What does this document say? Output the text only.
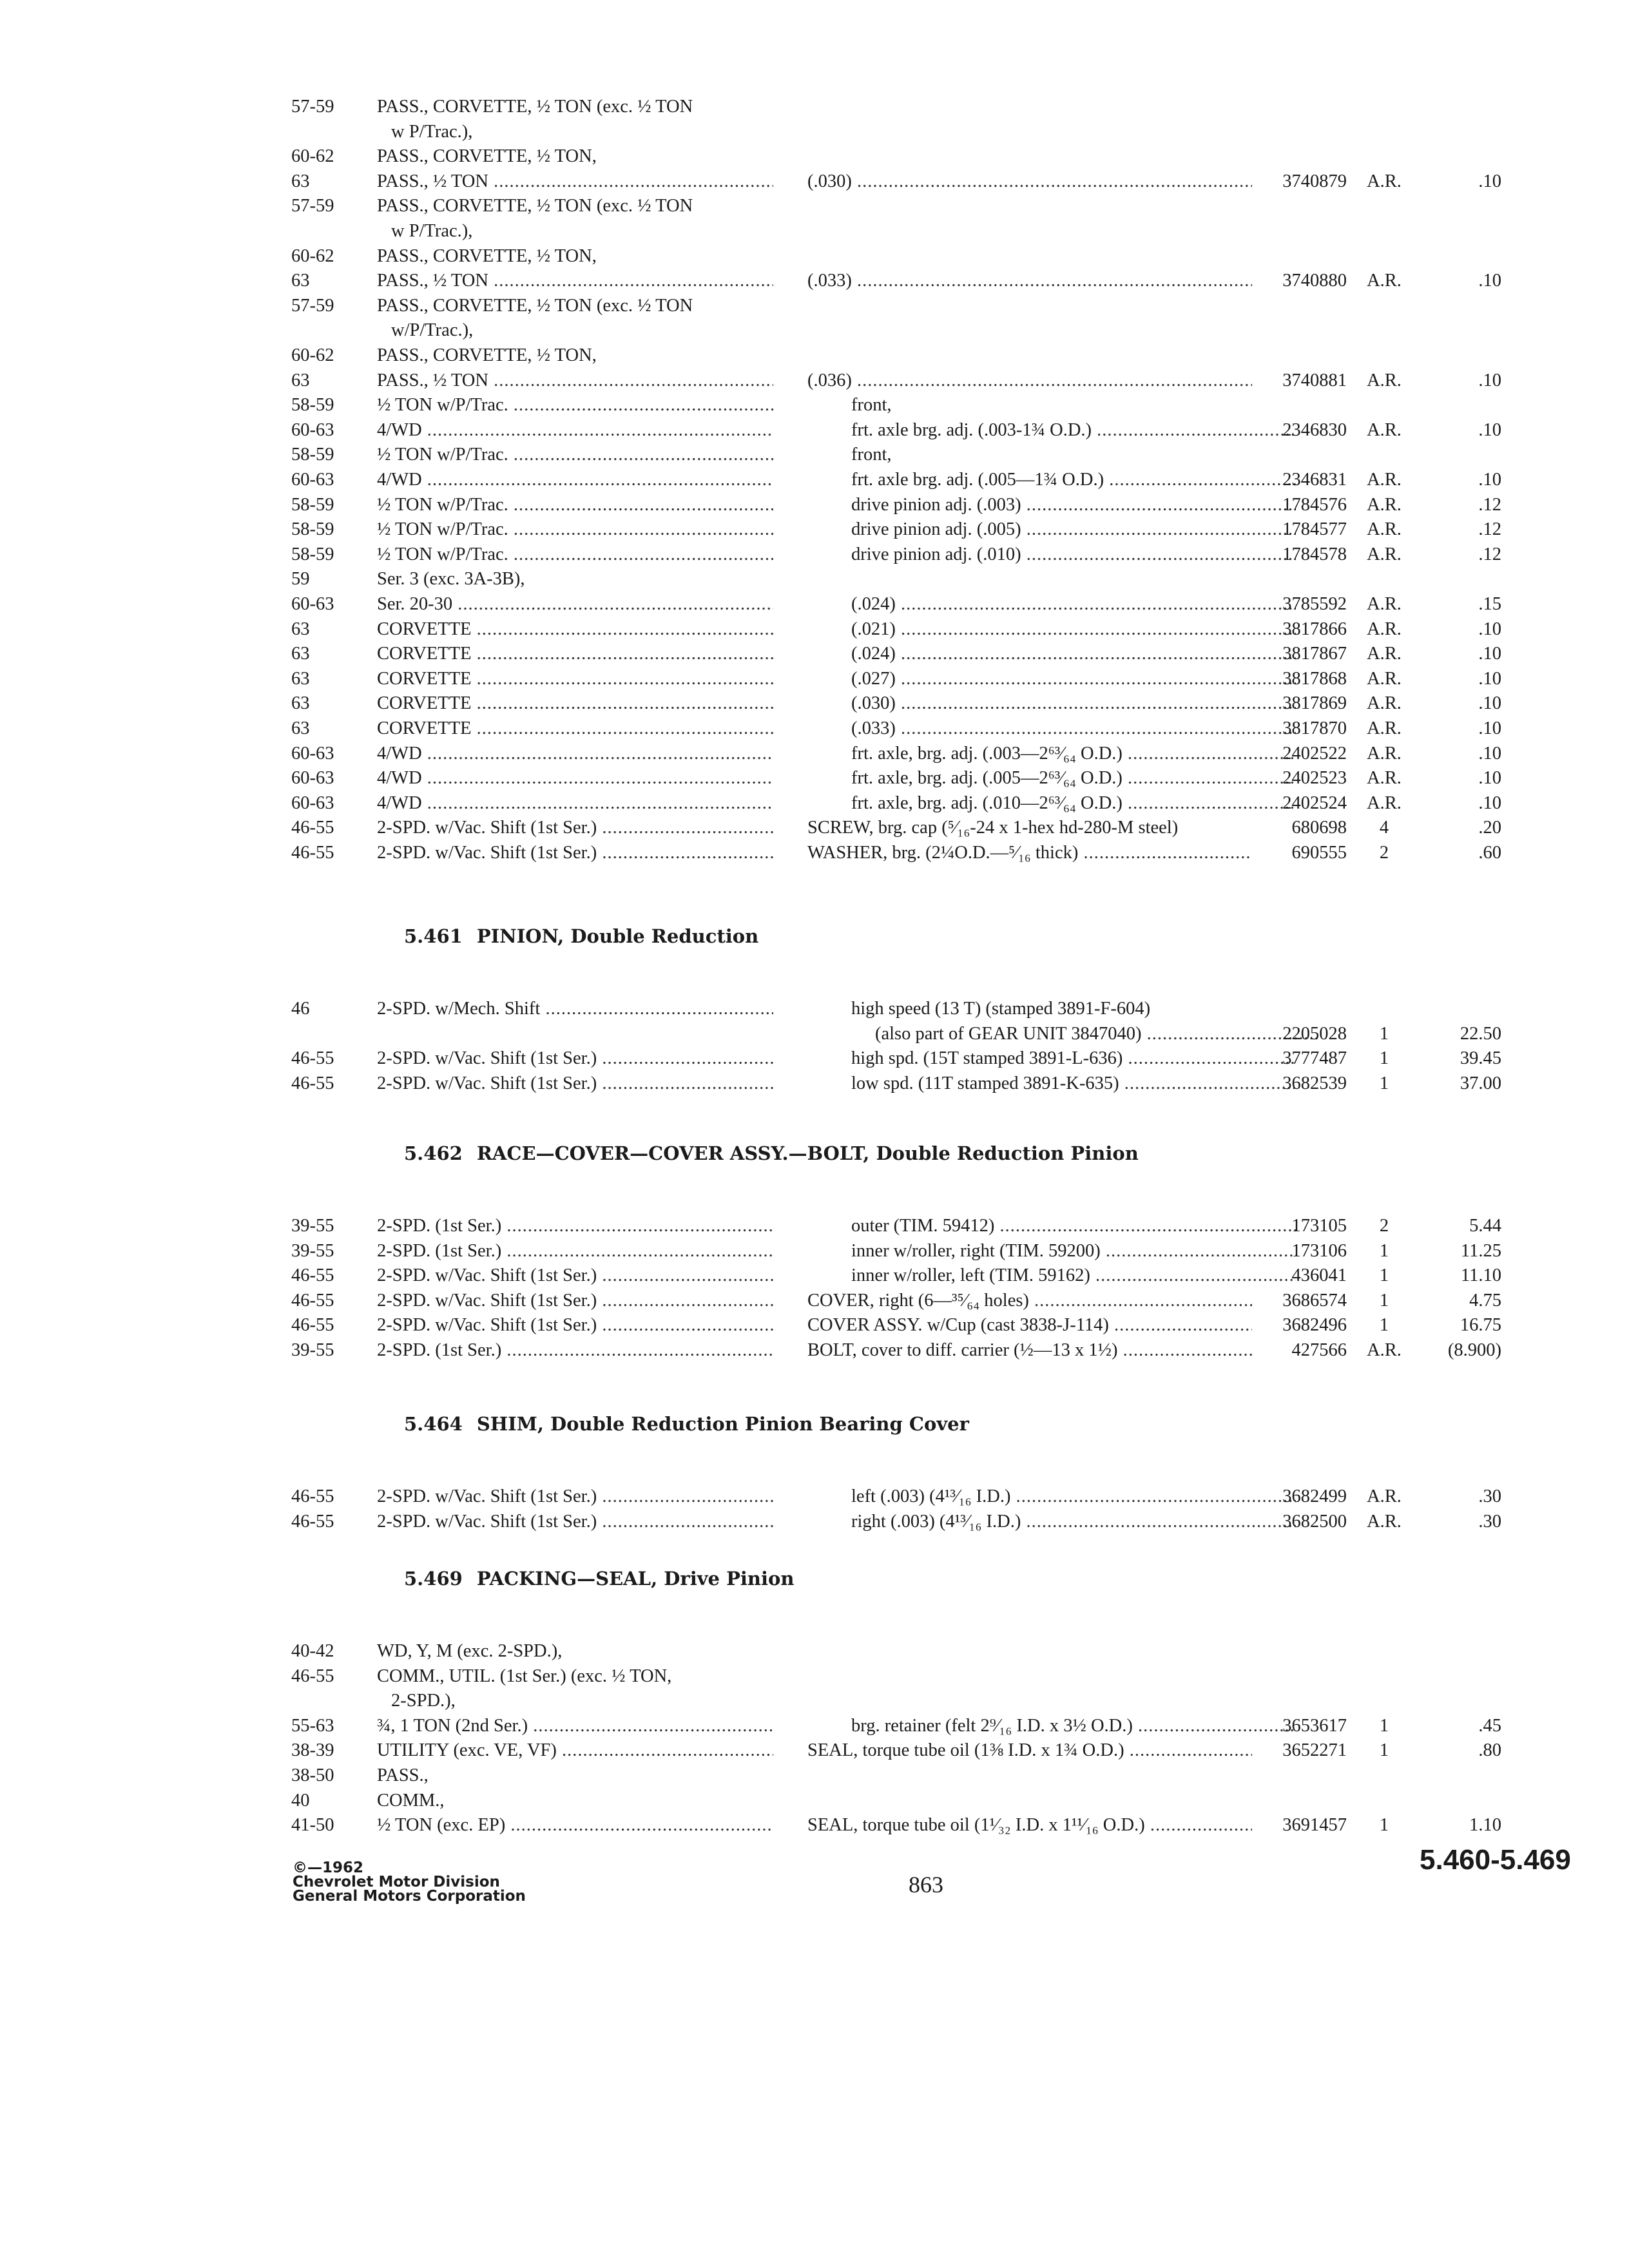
57-59	PASS., CORVETTE, ½ TON (exc. ½ TON
w P/Trac.),
60-62	PASS., CORVETTE, ½ TON,
63	PASS., ½ TON .....	(.030) .....	3740879	A.R.	.10
57-59	PASS., CORVETTE, ½ TON (exc. ½ TON
w P/Trac.),
60-62	PASS., CORVETTE, ½ TON,
63	PASS., ½ TON .....	(.033) .....	3740880	A.R.	.10
57-59	PASS., CORVETTE, ½ TON (exc. ½ TON
w/P/Trac.),
60-62	PASS., CORVETTE, ½ TON,
63	PASS., ½ TON .....	(.036) .....	3740881	A.R.	.10
58-59	½ TON w/P/Trac. .....	front,
60-63	4/WD .....	frt. axle brg. adj. (.003-1¾ O.D.) .....	2346830	A.R.	.10
58-59	½ TON w/P/Trac. .....	front,
60-63	4/WD .....	frt. axle brg. adj. (.005—1¾ O.D.) .....	2346831	A.R.	.10
58-59	½ TON w/P/Trac. .....	drive pinion adj. (.003) .....	1784576	A.R.	.12
58-59	½ TON w/P/Trac. .....	drive pinion adj. (.005) .....	1784577	A.R.	.12
58-59	½ TON w/P/Trac. .....	drive pinion adj. (.010) .....	1784578	A.R.	.12
59	Ser. 3 (exc. 3A-3B),
60-63	Ser. 20-30 .....	(.024) .....	3785592	A.R.	.15
63	CORVETTE .....	(.021) .....	3817866	A.R.	.10
63	CORVETTE .....	(.024) .....	3817867	A.R.	.10
63	CORVETTE .....	(.027) .....	3817868	A.R.	.10
63	CORVETTE .....	(.030) .....	3817869	A.R.	.10
63	CORVETTE .....	(.033) .....	3817870	A.R.	.10
60-63	4/WD .....	frt. axle, brg. adj. (.003—2⁶³⁄₆₄ O.D.) .....	2402522	A.R.	.10
60-63	4/WD .....	frt. axle, brg. adj. (.005—2⁶³⁄₆₄ O.D.) .....	2402523	A.R.	.10
60-63	4/WD .....	frt. axle, brg. adj. (.010—2⁶³⁄₆₄ O.D.) .....	2402524	A.R.	.10
46-55	2-SPD. w/Vac. Shift (1st Ser.) .....	SCREW, brg. cap (⁵⁄₁₆-24 x 1-hex hd-280-M steel)	680698	4	.20
46-55	2-SPD. w/Vac. Shift (1st Ser.) .....	WASHER, brg. (2¼O.D.—⁵⁄₁₆ thick) .....	690555	2	.60
5.461 PINION, Double Reduction
46	2-SPD. w/Mech. Shift .....	high speed (13 T) (stamped 3891-F-604)
(also part of GEAR UNIT 3847040) .....	2205028	1	22.50
46-55	2-SPD. w/Vac. Shift (1st Ser.) .....	high spd. (15T stamped 3891-L-636) .....	3777487	1	39.45
46-55	2-SPD. w/Vac. Shift (1st Ser.) .....	low spd. (11T stamped 3891-K-635) .....	3682539	1	37.00
5.462 RACE—COVER—COVER ASSY.—BOLT, Double Reduction Pinion
39-55	2-SPD. (1st Ser.) .....	outer (TIM. 59412) .....	173105	2	5.44
39-55	2-SPD. (1st Ser.) .....	inner w/roller, right (TIM. 59200) .....	173106	1	11.25
46-55	2-SPD. w/Vac. Shift (1st Ser.) .....	inner w/roller, left (TIM. 59162) .....	436041	1	11.10
46-55	2-SPD. w/Vac. Shift (1st Ser.) .....	COVER, right (6—³⁵⁄₆₄ holes) .....	3686574	1	4.75
46-55	2-SPD. w/Vac. Shift (1st Ser.) .....	COVER ASSY. w/Cup (cast 3838-J-114) .....	3682496	1	16.75
39-55	2-SPD. (1st Ser.) .....	BOLT, cover to diff. carrier (½—13 x 1½) .....	427566	A.R.	(8.900)
5.464 SHIM, Double Reduction Pinion Bearing Cover
46-55	2-SPD. w/Vac. Shift (1st Ser.) .....	left (.003) (4¹³⁄₁₆ I.D.) .....	3682499	A.R.	.30
46-55	2-SPD. w/Vac. Shift (1st Ser.) .....	right (.003) (4¹³⁄₁₆ I.D.) .....	3682500	A.R.	.30
5.469 PACKING—SEAL, Drive Pinion
40-42	WD, Y, M (exc. 2-SPD.),
46-55	COMM., UTIL. (1st Ser.) (exc. ½ TON,
2-SPD.),
55-63	¾, 1 TON (2nd Ser.) .....	brg. retainer (felt 2⁹⁄₁₆ I.D. x 3½ O.D.) .....	3653617	1	.45
38-39	UTILITY (exc. VE, VF) .....	SEAL, torque tube oil (1⅜ I.D. x 1¾ O.D.) .....	3652271	1	.80
38-50	PASS.,
40	COMM.,
41-50	½ TON (exc. EP) .....	SEAL, torque tube oil (1¹⁄₃₂ I.D. x 1¹¹⁄₁₆ O.D.) .....	3691457	1	1.10
©—1962
Chevrolet Motor Division
General Motors Corporation	863
5.460-5.469
